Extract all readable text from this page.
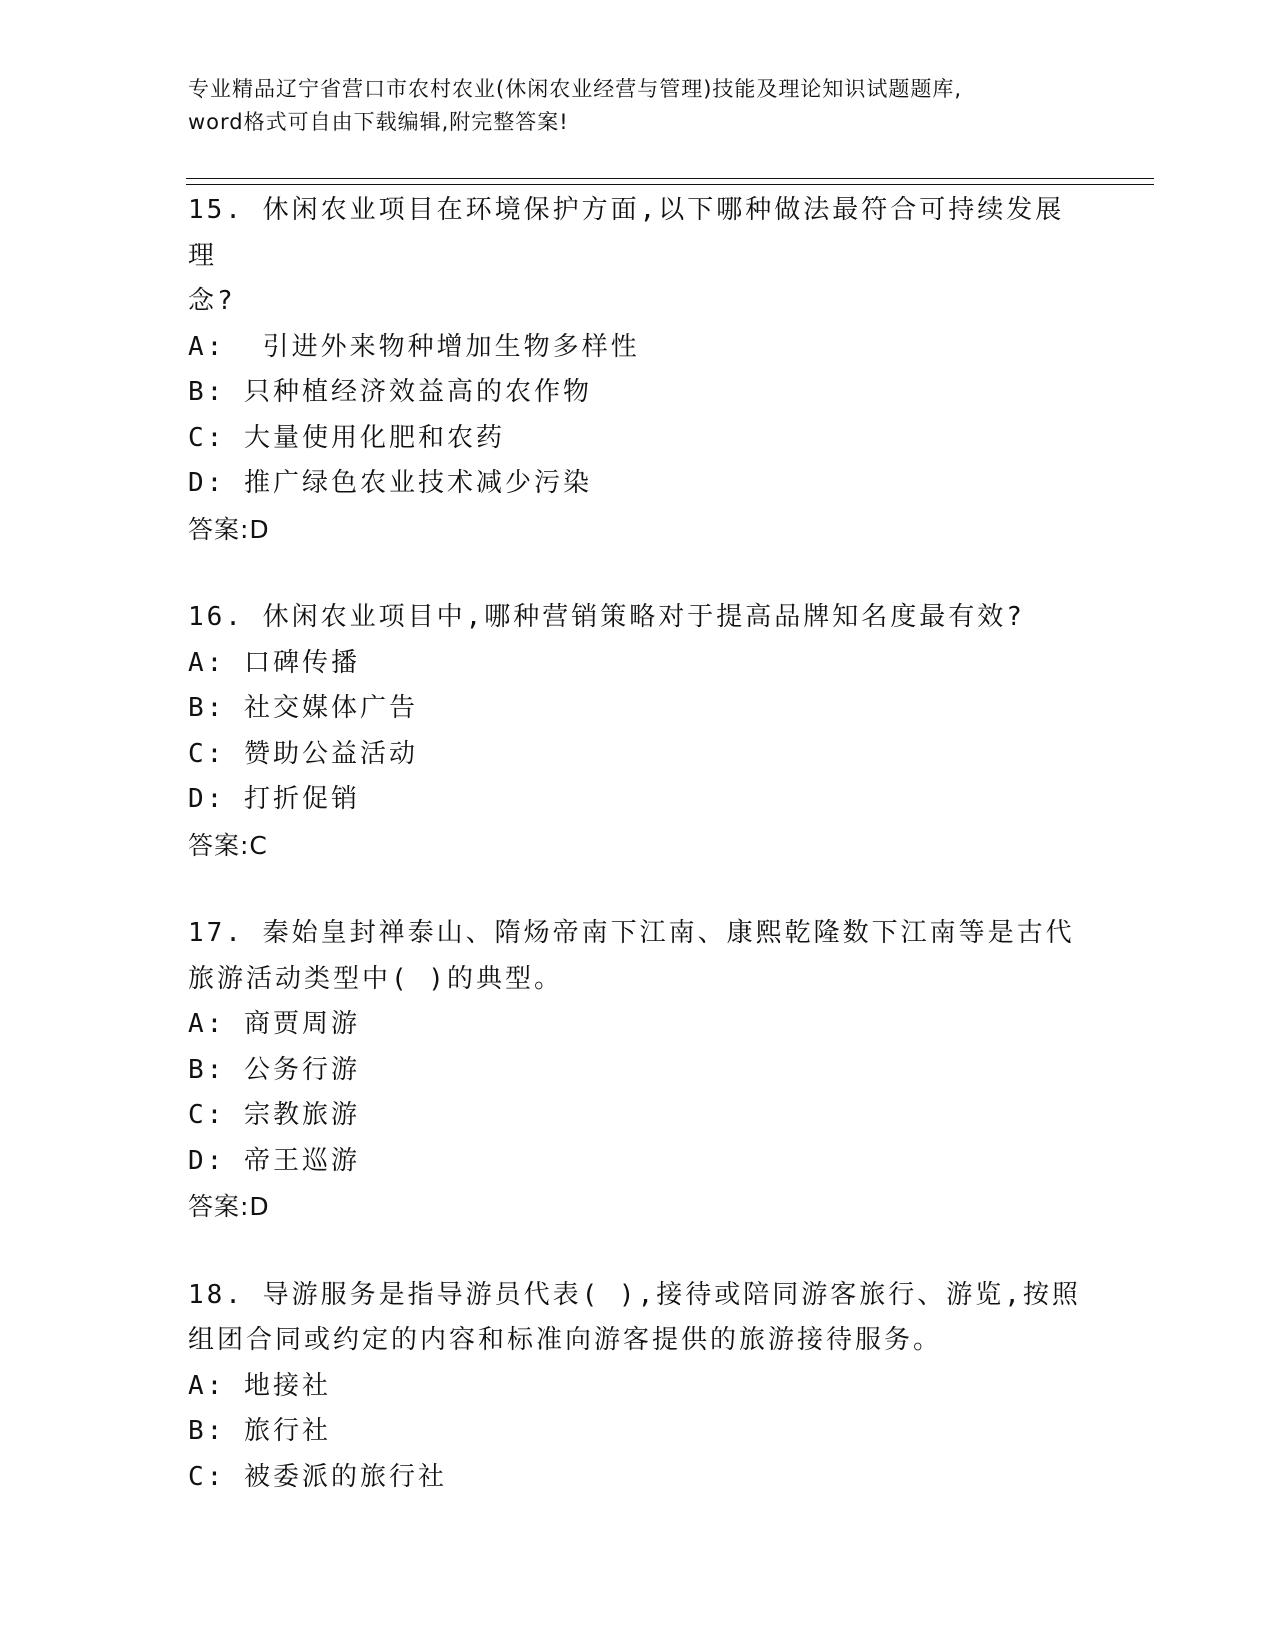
专业精品辽宁省营口市农村农业(休闲农业经营与管理)技能及理论知识试题题库,
word格式可自由下载编辑,附完整答案!
15. 休闲农业项目在环境保护方面,以下哪种做法最符合可持续发展理
念?
A:  引进外来物种增加生物多样性
B: 只种植经济效益高的农作物
C: 大量使用化肥和农药
D: 推广绿色农业技术减少污染
答案:D
16. 休闲农业项目中,哪种营销策略对于提高品牌知名度最有效?
A: 口碑传播
B: 社交媒体广告
C: 赞助公益活动
D: 打折促销
答案:C
17. 秦始皇封禅泰山、隋炀帝南下江南、康熙乾隆数下江南等是古代
旅游活动类型中( )的典型。
A: 商贾周游
B: 公务行游
C: 宗教旅游
D: 帝王巡游
答案:D
18. 导游服务是指导游员代表( ),接待或陪同游客旅行、游览,按照
组团合同或约定的内容和标准向游客提供的旅游接待服务。
A: 地接社
B: 旅行社
C: 被委派的旅行社
